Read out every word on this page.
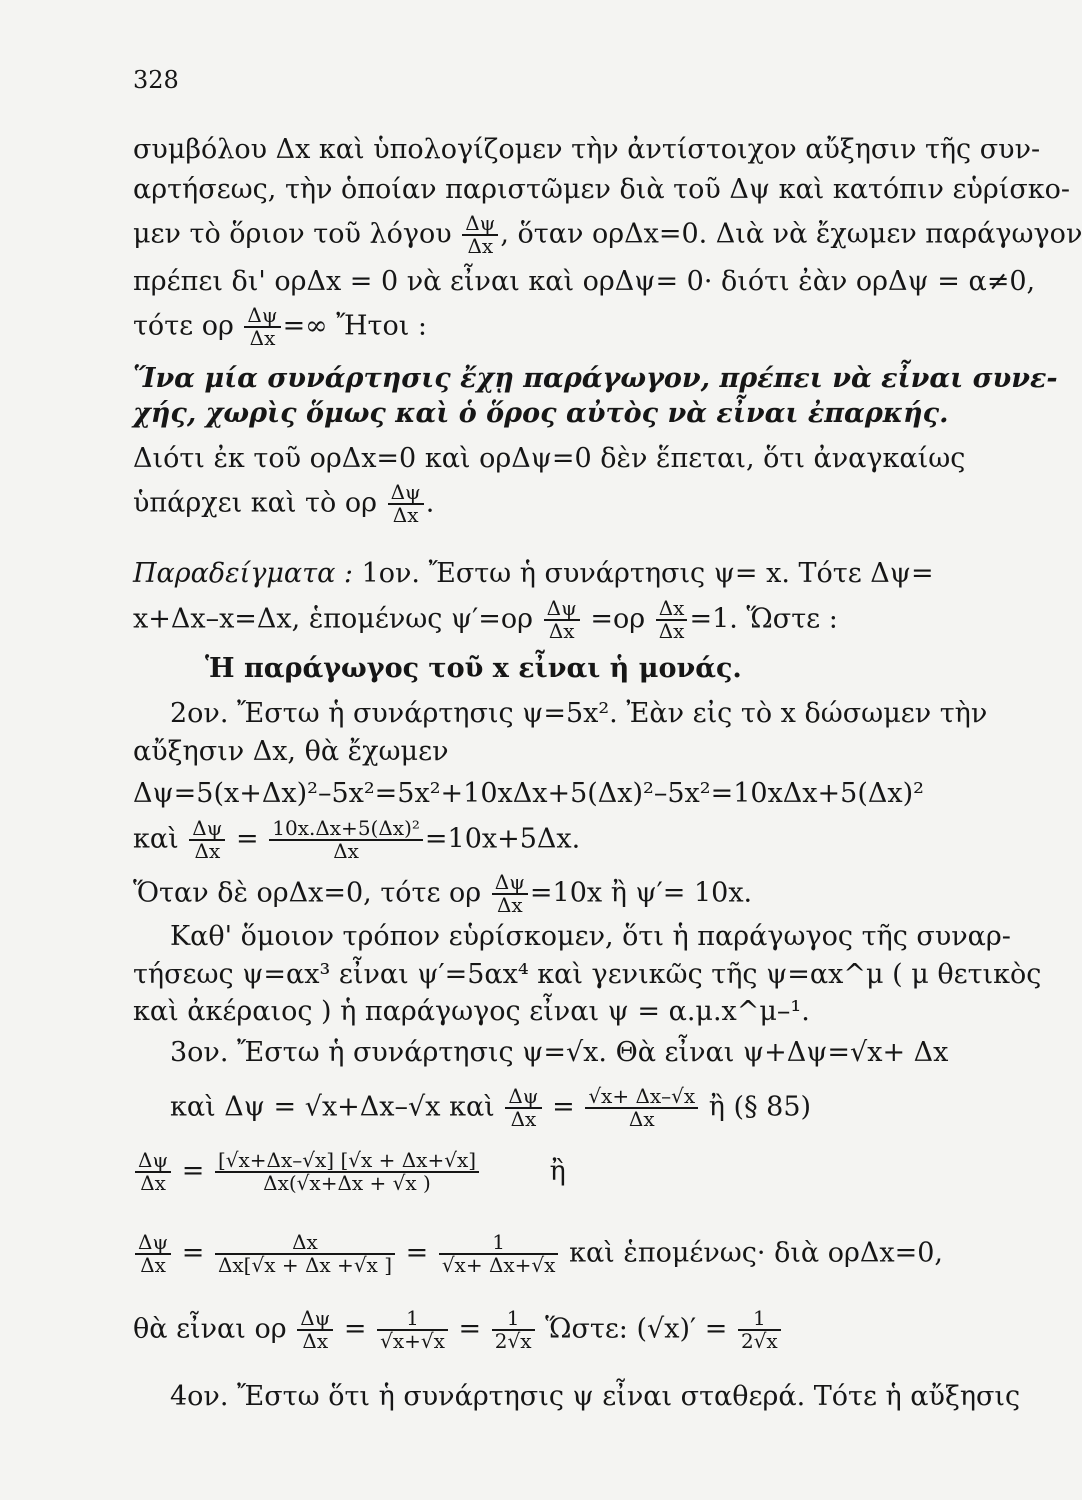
328
συμβόλου Δx καὶ ὑπολογίζομεν τὴν ἀντίστοιχον αὔξησιν τῆς συν-
αρτήσεως, τὴν ὁποίαν παριστῶμεν διὰ τοῦ Δψ καὶ κατόπιν εὑρίσκο-
μεν τὸ ὅριον τοῦ λόγου $\frac{\Delta\psi}{\Delta x}$ , ὅταν ορΔx=0. Διὰ νὰ ἔχωμεν παράγωγον
πρέπει δι' ορΔx = 0 νὰ εἶναι καὶ ορΔψ= 0· διότι ἐὰν ορΔψ = α≠0,
τότε ορ $\frac{\Delta\psi}{\Delta x}$ =∞ Ἤτοι :
Ἵνα μία συνάρτησις ἔχῃ παράγωγον, πρέπει νὰ εἶναι συνε-
χής, χωρὶς ὅμως καὶ ὁ ὅρος αὐτὸς νὰ εἶναι ἐπαρκής.
Διότι ἐκ τοῦ ορΔx=0 καὶ ορΔψ=0 δὲν ἕπεται, ὅτι ἀναγκαίως
ὑπάρχει καὶ τὸ ορ $\frac{\Delta\psi}{\Delta x}$ .
Παραδείγματα : 1ον. Ἔστω ἡ συνάρτησις ψ= x. Τότε Δψ=
x+Δx–x=Δx, ἑπομένως $\psi'=o\rho \frac{\Delta\psi}{\Delta x} =o\rho \frac{\Delta x}{\Delta x} =1$. Ὥστε :
Ἡ παράγωγος τοῦ x εἶναι ἡ μονάς.
2ον. Ἔστω ἡ συνάρτησις ψ=5x². Ἐὰν εἰς τὸ x δώσωμεν τὴν
αὔξησιν Δx, θὰ ἔχωμεν
Δψ=5(x+Δx)²–5x²=5x²+10xΔx+5(Δx)²–5x²=10xΔx+5(Δx)²
καὶ $\frac{\Delta\psi}{\Delta x} = \frac{\text{10x.Δx+5(Δx)²}}{\Delta x} =10x+5\Delta x$.
Ὅταν δὲ ορΔx=0, τότε ορ $\frac{\Delta\psi}{\Delta x} =10x$ ἢ ψ′= 10x.
Καθ' ὅμοιον τρόπον εὑρίσκομεν, ὅτι ἡ παράγωγος τῆς συναρ-
τήσεως ψ=αx³ εἶναι ψ′=5αx⁴ καὶ γενικῶς τῆς ψ=αx^μ ( μ θετικὸς
καὶ ἀκέραιος ) ἡ παράγωγος εἶναι ψ = α.μ.x^μ–¹.
3ον. Ἔστω ἡ συνάρτησις ψ=√x. Θὰ εἶναι ψ+Δψ=√x+ Δx
καὶ Δψ = √x+Δx–√x καὶ $\frac{\Delta\psi}{\Delta x} = \frac{√x+ \Delta x-√x}{\Delta x}$ ἢ (§ 85)
$\frac{\Delta\psi}{\Delta x} = \frac{[√x+\Delta x-√x] [√x + \Delta x+√x]}{\Delta x(√x+\Delta x + √x )}$	ἢ
$\frac{\Delta\psi}{\Delta x} = \frac{\Delta x}{\Delta x[√x + \Delta x +√x ]} = \frac{1}{√x+ \Delta x+√x}$ καὶ ἑπομένως· διὰ ορΔx=0,
θὰ εἶναι ορ $\frac{\Delta\psi}{\Delta x} = \frac{1}{√x+√x} = \frac{1}{2√x}$ Ὥστε: $(√x)' = \frac{1}{2√x}$
4ον. Ἔστω ὅτι ἡ συνάρτησις ψ εἶναι σταθερά. Τότε ἡ αὔξησις
